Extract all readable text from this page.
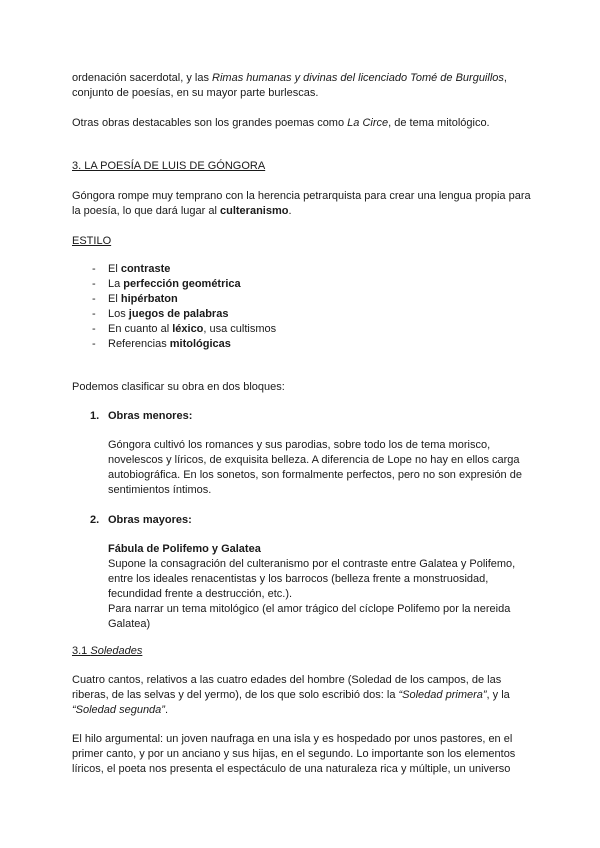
ordenación sacerdotal, y las Rimas humanas y divinas del licenciado Tomé de Burguillos,
conjunto de poesías, en su mayor parte burlescas.

Otras obras destacables son los grandes poemas como La Circe, de tema mitológico.

3. LA POESÍA DE LUIS DE GÓNGORA

Góngora rompe muy temprano con la herencia petrarquista para crear una lengua propia para la poesía, lo que dará lugar al culteranismo.

ESTILO

- El contraste
- La perfección geométrica
- El hipérbaton
- Los juegos de palabras
- En cuanto al léxico, usa cultismos
- Referencias mitológicas

Podemos clasificar su obra en dos bloques:

1. Obras menores:

Góngora cultivó los romances y sus parodias, sobre todo los de tema morisco, novelescos y líricos, de exquisita belleza. A diferencia de Lope no hay en ellos carga autobiográfica. En los sonetos, son formalmente perfectos, pero no son expresión de sentimientos íntimos.

2. Obras mayores:

Fábula de Polifemo y Galatea
Supone la consagración del culteranismo por el contraste entre Galatea y Polifemo, entre los ideales renacentistas y los barrocos (belleza frente a monstruosidad, fecundidad frente a destrucción, etc.).
Para narrar un tema mitológico (el amor trágico del cíclope Polifemo por la nereida Galatea)

3.1 Soledades

Cuatro cantos, relativos a las cuatro edades del hombre (Soledad de los campos, de las riberas, de las selvas y del yermo), de los que solo escribió dos: la “Soledad primera”, y la “Soledad segunda”.

El hilo argumental: un joven naufraga en una isla y es hospedado por unos pastores, en el primer canto, y por un anciano y sus hijas, en el segundo. Lo importante son los elementos líricos, el poeta nos presenta el espectáculo de una naturaleza rica y múltiple, un universo
